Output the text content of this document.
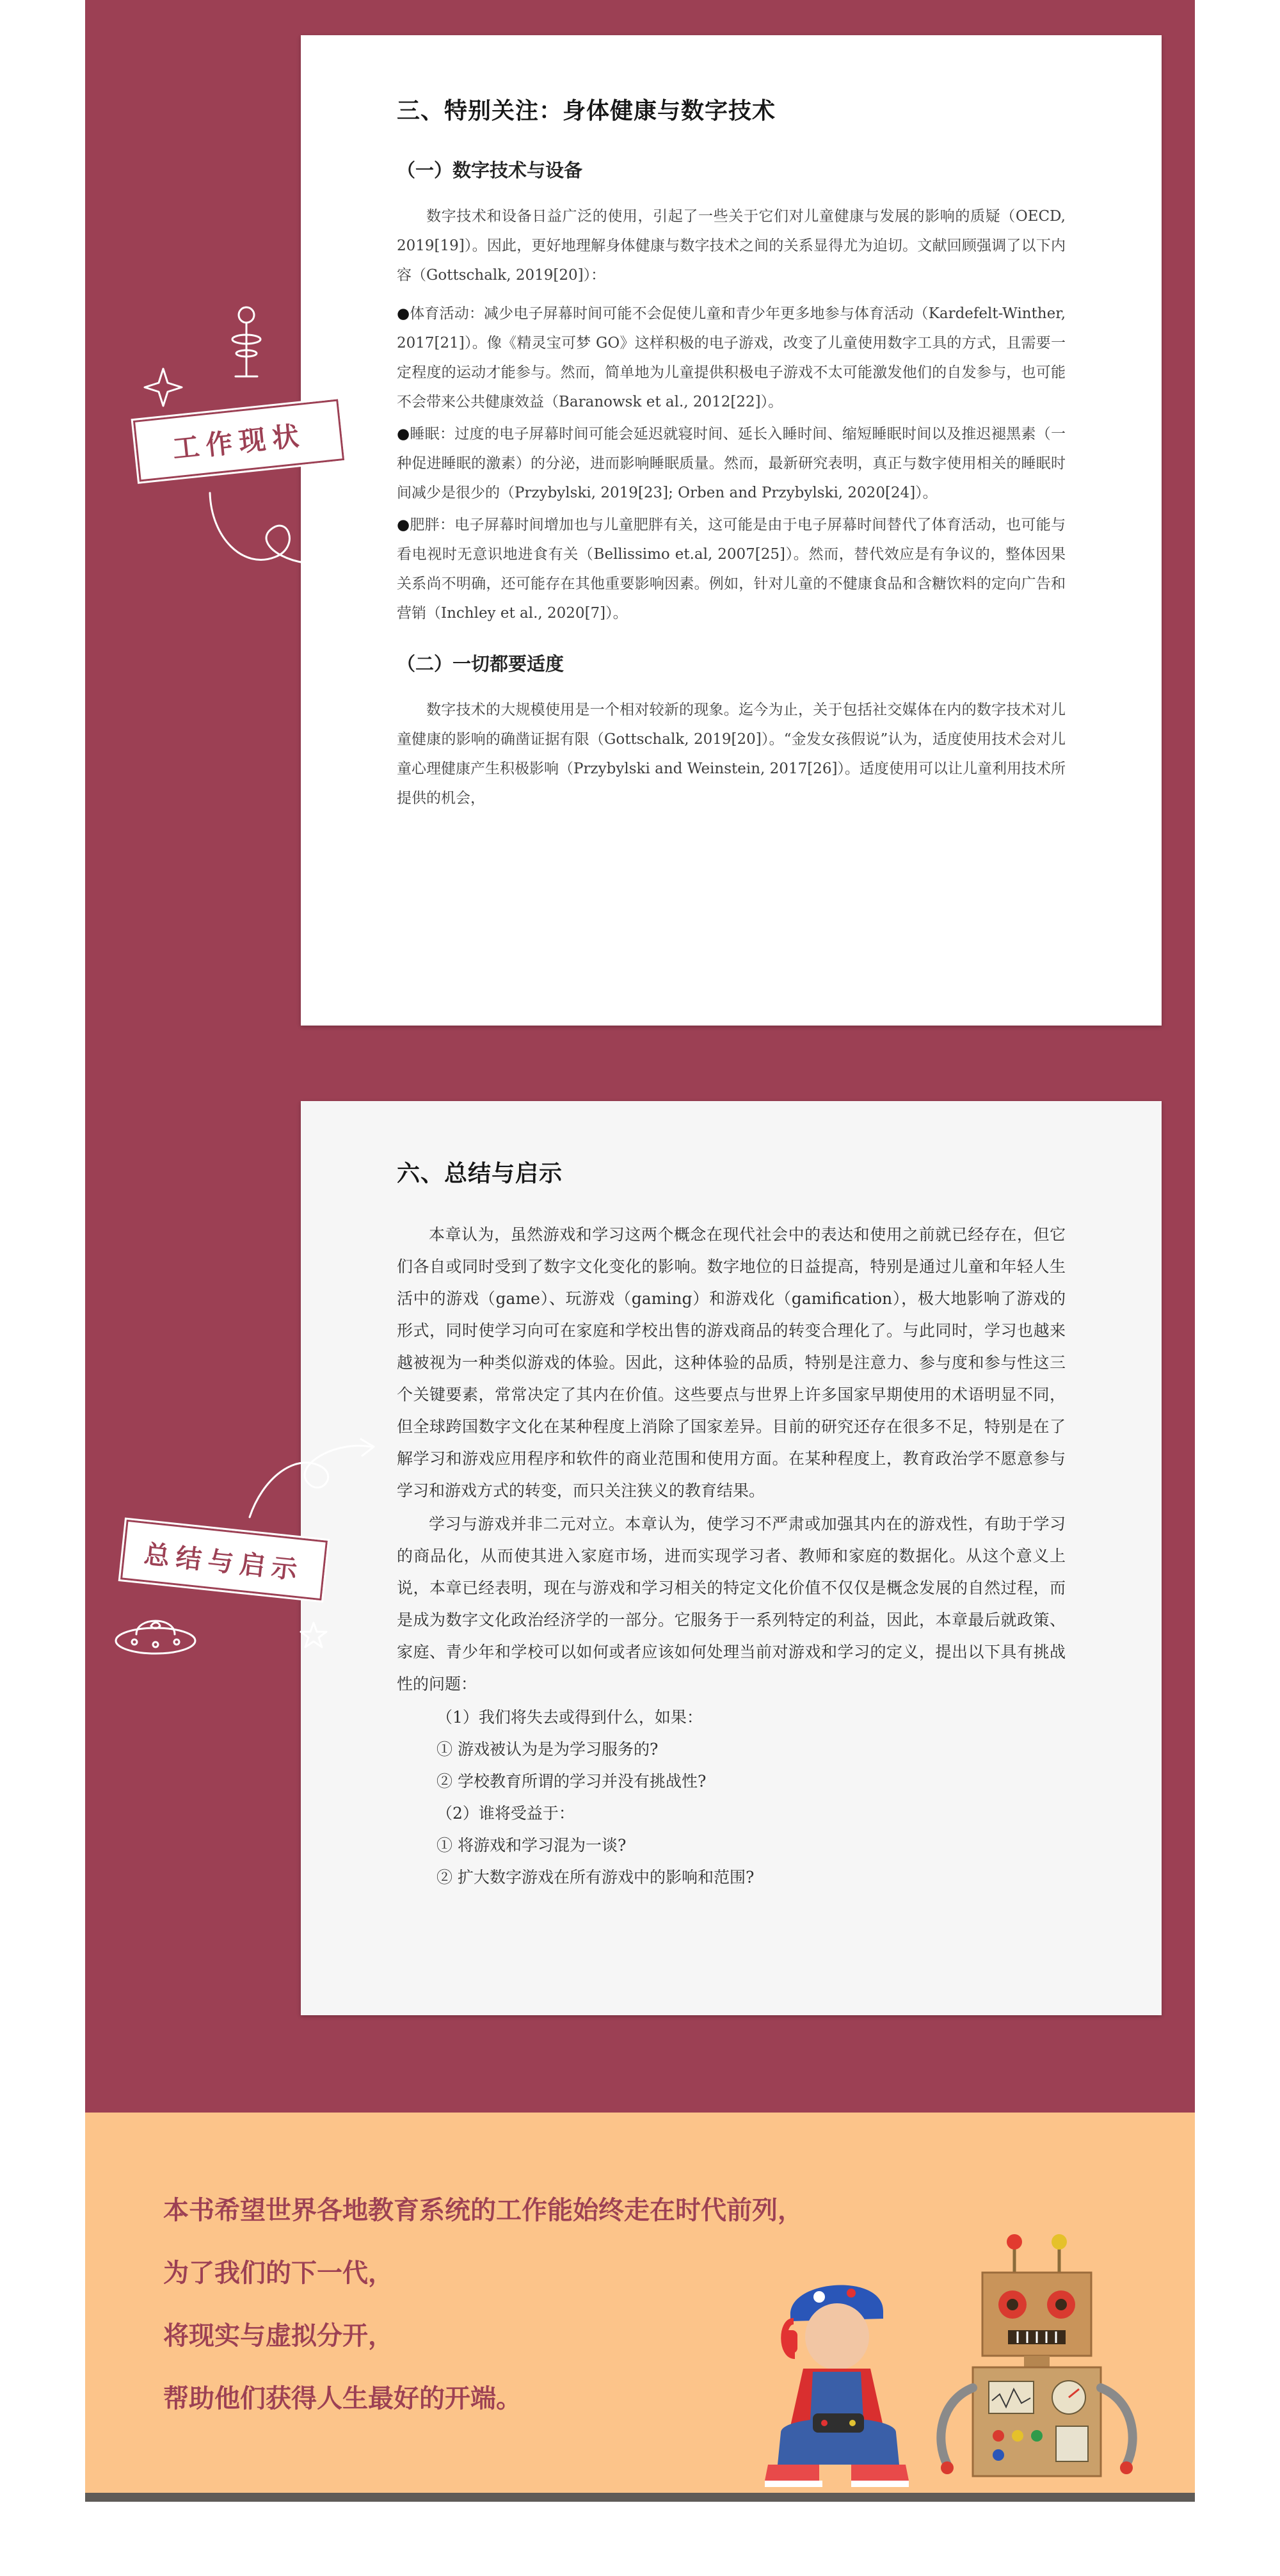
三、特别关注：身体健康与数字技术
（一）数字技术与设备

数字技术和设备日益广泛的使用，引起了一些关于它们对儿童健康与发展的影响的质疑（OECD, 2019[19]）。因此，更好地理解身体健康与数字技术之间的关系显得尤为迫切。文献回顾强调了以下内容（Gottschalk, 2019[20]）：

●体育活动：减少电子屏幕时间可能不会促使儿童和青少年更多地参与体育活动（Kardefelt-Winther, 2017[21]）。像《精灵宝可梦 GO》这样积极的电子游戏，改变了儿童使用数字工具的方式，且需要一定程度的运动才能参与。然而，简单地为儿童提供积极电子游戏不太可能激发他们的自发参与，也可能不会带来公共健康效益（Baranowsk et al., 2012[22]）。

●睡眠：过度的电子屏幕时间可能会延迟就寝时间、延长入睡时间、缩短睡眠时间以及推迟褪黑素（一种促进睡眠的激素）的分泌，进而影响睡眠质量。然而，最新研究表明，真正与数字使用相关的睡眠时间减少是很少的（Przybylski, 2019[23]; Orben and Przybylski, 2020[24]）。

●肥胖：电子屏幕时间增加也与儿童肥胖有关，这可能是由于电子屏幕时间替代了体育活动，也可能与看电视时无意识地进食有关（Bellissimo et.al, 2007[25]）。然而，替代效应是有争议的，整体因果关系尚不明确，还可能存在其他重要影响因素。例如，针对儿童的不健康食品和含糖饮料的定向广告和营销（Inchley et al., 2020[7]）。

（二）一切都要适度

数字技术的大规模使用是一个相对较新的现象。迄今为止，关于包括社交媒体在内的数字技术对儿童健康的影响的确凿证据有限（Gottschalk, 2019[20]）。“金发女孩假说”认为，适度使用技术会对儿童心理健康产生积极影响（Przybylski and Weinstein, 2017[26]）。适度使用可以让儿童利用技术所提供的机会，

六、总结与启示

本章认为，虽然游戏和学习这两个概念在现代社会中的表达和使用之前就已经存在，但它们各自或同时受到了数字文化变化的影响。数字地位的日益提高，特别是通过儿童和年轻人生活中的游戏（game）、玩游戏（gaming）和游戏化（gamification），极大地影响了游戏的形式，同时使学习向可在家庭和学校出售的游戏商品的转变合理化了。与此同时，学习也越来越被视为一种类似游戏的体验。因此，这种体验的品质，特别是注意力、参与度和参与性这三个关键要素，常常决定了其内在价值。这些要点与世界上许多国家早期使用的术语明显不同，但全球跨国数字文化在某种程度上消除了国家差异。目前的研究还存在很多不足，特别是在了解学习和游戏应用程序和软件的商业范围和使用方面。在某种程度上，教育政治学不愿意参与学习和游戏方式的转变，而只关注狭义的教育结果。

学习与游戏并非二元对立。本章认为，使学习不严肃或加强其内在的游戏性，有助于学习的商品化，从而使其进入家庭市场，进而实现学习者、教师和家庭的数据化。从这个意义上说，本章已经表明，现在与游戏和学习相关的特定文化价值不仅仅是概念发展的自然过程，而是成为数字文化政治经济学的一部分。它服务于一系列特定的利益，因此，本章最后就政策、家庭、青少年和学校可以如何或者应该如何处理当前对游戏和学习的定义，提出以下具有挑战性的问题：

（1）我们将失去或得到什么，如果：

① 游戏被认为是为学习服务的?

② 学校教育所谓的学习并没有挑战性?

（2）谁将受益于：

① 将游戏和学习混为一谈?

② 扩大数字游戏在所有游戏中的影响和范围?

工作现状
总结与启示
本书希望世界各地教育系统的工作能始终走在时代前列，
为了我们的下一代，
将现实与虚拟分开，
帮助他们获得人生最好的开端。
